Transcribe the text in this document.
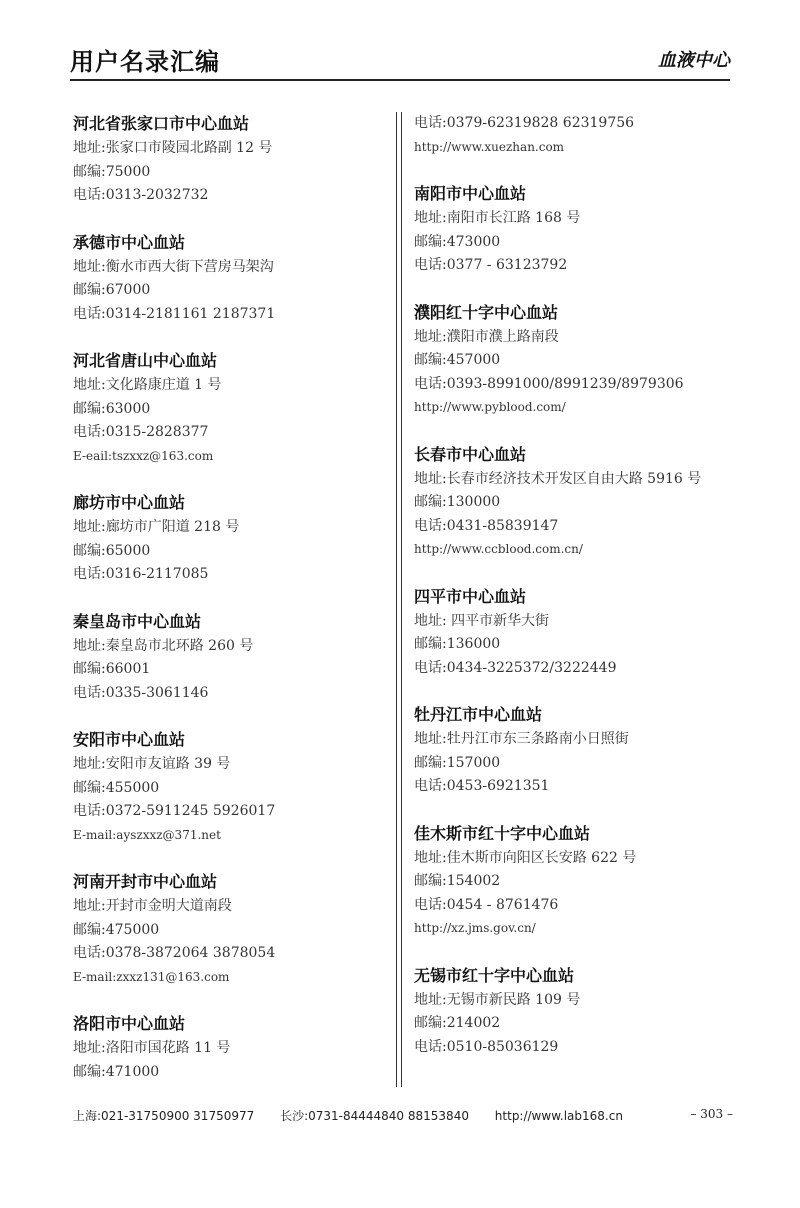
用户名录汇编	血液中心
河北省张家口市中心血站
地址:张家口市陵园北路副 12 号
邮编:75000
电话:0313-2032732
承德市中心血站
地址:衡水市西大街下营房马架沟
邮编:67000
电话:0314-2181161 2187371
河北省唐山中心血站
地址:文化路康庄道 1 号
邮编:63000
电话:0315-2828377
E-eail:tszxxz@163.com
廊坊市中心血站
地址:廊坊市广阳道 218 号
邮编:65000
电话:0316-2117085
秦皇岛市中心血站
地址:秦皇岛市北环路 260 号
邮编:66001
电话:0335-3061146
安阳市中心血站
地址:安阳市友谊路 39 号
邮编:455000
电话:0372-5911245 5926017
E-mail:ayszxxz@371.net
河南开封市中心血站
地址:开封市金明大道南段
邮编:475000
电话:0378-3872064 3878054
E-mail:zxxz131@163.com
洛阳市中心血站
地址:洛阳市国花路 11 号
邮编:471000
电话:0379-62319828 62319756
http://www.xuezhan.com
南阳市中心血站
地址:南阳市长江路 168 号
邮编:473000
电话:0377 - 63123792
濮阳红十字中心血站
地址:濮阳市濮上路南段
邮编:457000
电话:0393-8991000/8991239/8979306
http://www.pyblood.com/
长春市中心血站
地址:长春市经济技术开发区自由大路 5916 号
邮编:130000
电话:0431-85839147
http://www.ccblood.com.cn/
四平市中心血站
地址: 四平市新华大街
邮编:136000
电话:0434-3225372/3222449
牡丹江市中心血站
地址:牡丹江市东三条路南小日照街
邮编:157000
电话:0453-6921351
佳木斯市红十字中心血站
地址:佳木斯市向阳区长安路 622 号
邮编:154002
电话:0454 - 8761476
http://xz.jms.gov.cn/
无锡市红十字中心血站
地址:无锡市新民路 109 号
邮编:214002
电话:0510-85036129
上海:021-31750900 31750977 长沙:0731-84444840 88153840 http://www.lab168.cn	– 303 –
